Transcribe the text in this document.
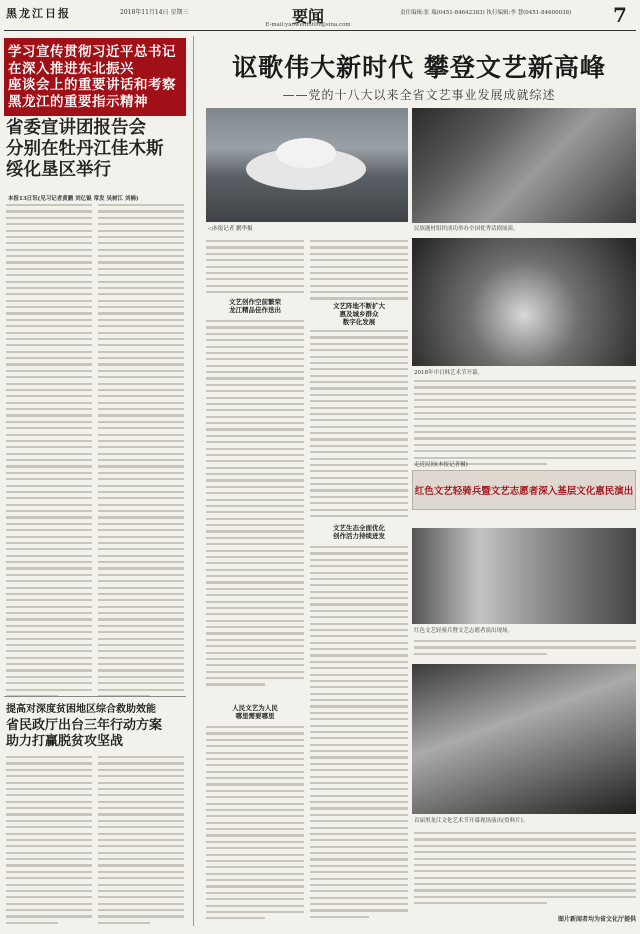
黑龙江日报	2018年11月14日 星期三	要闻
E-mail:yaowen6900@sina.com
责任编辑:张 瑞(0451-84642383) 执行编辑:李 慧(0451-84600038)	7
学习宣传贯彻习近平总书记
在深入推进东北振兴
座谈会上的重要讲话和考察
黑龙江的重要指示精神
省委宣讲团报告会
分别在牡丹江佳木斯
绥化垦区举行
本报13日讯(见习记者黄鹏 刘亿锟 常发 吴树江 刘楠)
提高对深度贫困地区综合救助效能
省民政厅出台三年行动方案
助力打赢脱贫攻坚战
讴歌伟大新时代 攀登文艺新高峰
——党的十八大以来全省文艺事业发展成就综述
◁本报记者 鹏华摄	民族题材组织成功举办全国优秀话剧展演。
2018年中日韩艺术节开幕。
文艺创作空前繁荣
龙江精品佳作迭出
人民文艺为人民
哪里需要哪里
文艺阵地不断扩大
惠及城乡群众
数字化发展
文艺生态全面优化
创作活力持续迸发
走近民间(本报记者摄)
红色文艺轻骑兵暨文艺志愿者深入基层文化惠民演出
红色文艺轻骑兵暨文艺志愿者演出现场。
首届黑龙江文化艺术节开幕现场演出(资料片)。
图片新闻者均为省文化厅提供
